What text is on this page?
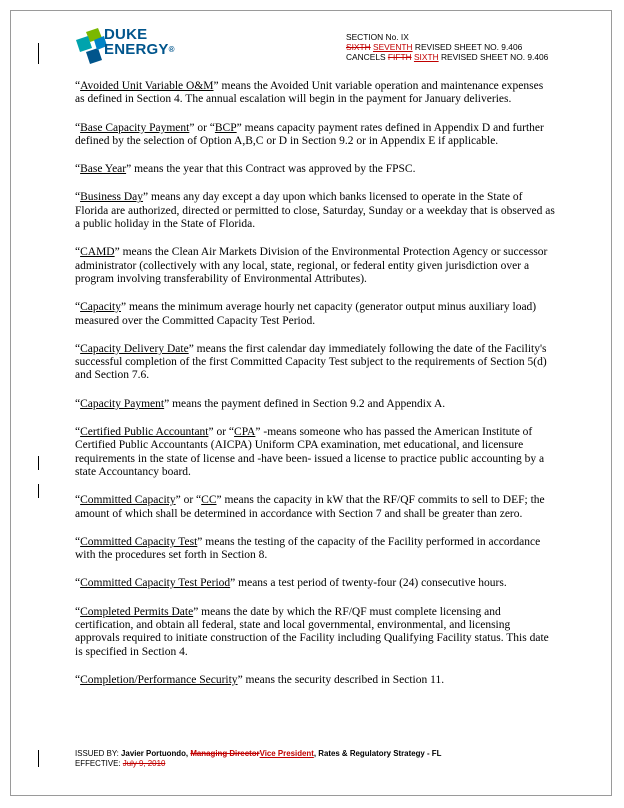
DUKE
ENERGY®
SECTION No. IX
SIXTH SEVENTH REVISED SHEET NO. 9.406
CANCELS FIFTH SIXTH REVISED SHEET NO. 9.406

“Avoided Unit Variable O&M” means the Avoided Unit variable operation and maintenance expenses as defined in Section 4. The annual escalation will begin in the payment for January deliveries.

“Base Capacity Payment” or “BCP” means capacity payment rates defined in Appendix D and further defined by the selection of Option A,B,C or D in Section 9.2 or in Appendix E if applicable.

“Base Year” means the year that this Contract was approved by the FPSC.

“Business Day” means any day except a day upon which banks licensed to operate in the State of Florida are authorized, directed or permitted to close, Saturday, Sunday or a weekday that is observed as a public holiday in the State of Florida.

“CAMD” means the Clean Air Markets Division of the Environmental Protection Agency or successor administrator (collectively with any local, state, regional, or federal entity given jurisdiction over a program involving transferability of Environmental Attributes).

“Capacity” means the minimum average hourly net capacity (generator output minus auxiliary load) measured over the Committed Capacity Test Period.

“Capacity Delivery Date” means the first calendar day immediately following the date of the Facility's successful completion of the first Committed Capacity Test subject to the requirements of Section 5(d) and Section 7.6.

“Capacity Payment” means the payment defined in Section 9.2 and Appendix A.

“Certified Public Accountant” or “CPA” -means someone who has passed the American Institute of Certified Public Accountants (AICPA) Uniform CPA examination, met educational, and licensure requirements in the state of license and -have been- issued a license to practice public accounting by a state Accountancy board.

“Committed Capacity” or “CC” means the capacity in kW that the RF/QF commits to sell to DEF; the amount of which shall be determined in accordance with Section 7 and shall be greater than zero.

“Committed Capacity Test” means the testing of the capacity of the Facility performed in accordance with the procedures set forth in Section 8.

“Committed Capacity Test Period” means a test period of twenty-four (24) consecutive hours.

“Completed Permits Date” means the date by which the RF/QF must complete licensing and certification, and obtain all federal, state and local governmental, environmental, and licensing approvals required to initiate construction of the Facility including Qualifying Facility status. This date is specified in Section 4.

“Completion/Performance Security” means the security described in Section 11.

ISSUED BY: Javier Portuondo, Managing DirectorVice President, Rates & Regulatory Strategy - FL
EFFECTIVE: July 9, 2010
